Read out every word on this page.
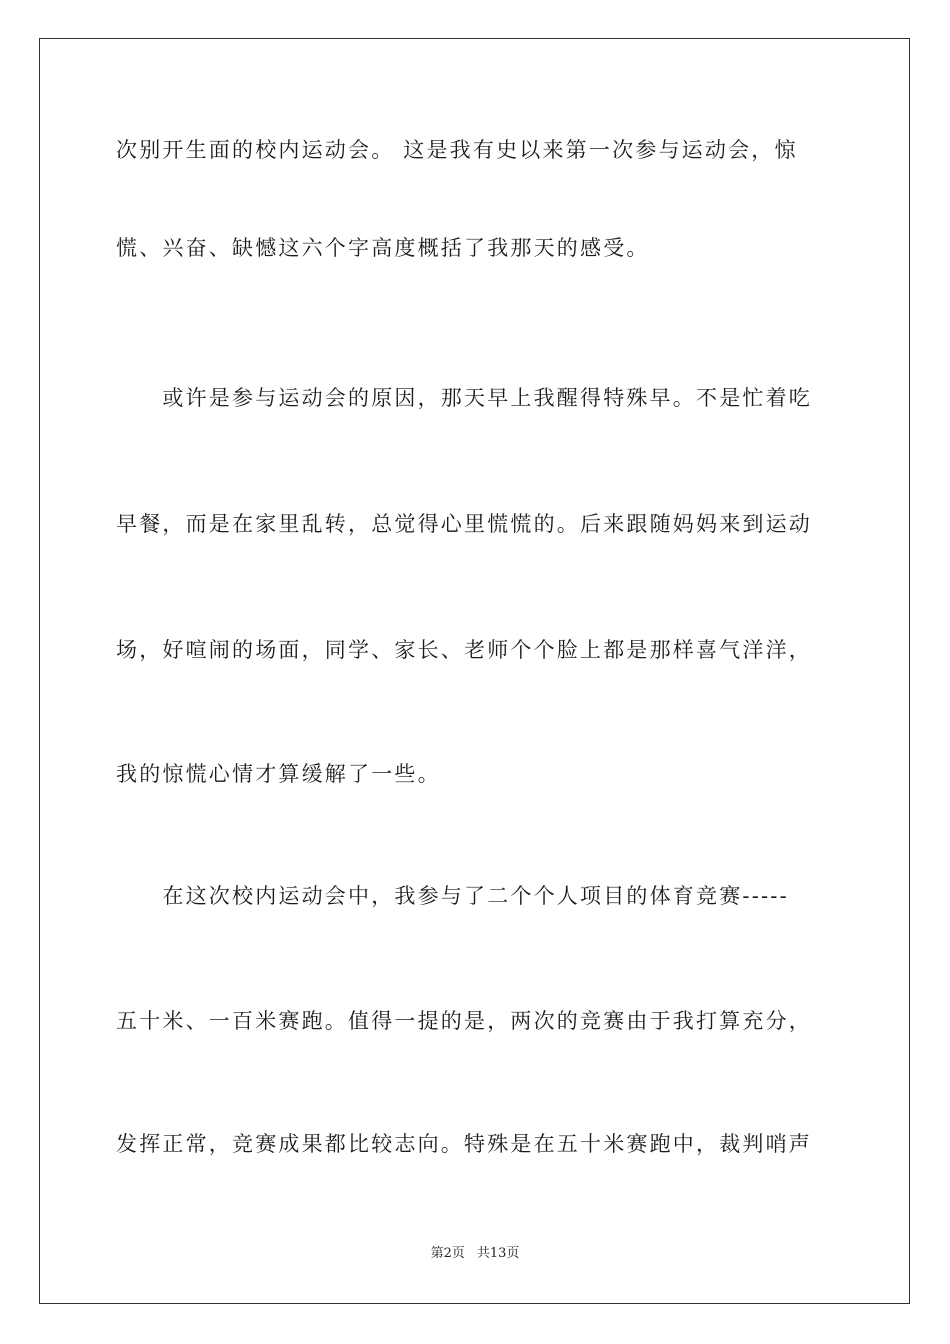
次别开生面的校内运动会。 这是我有史以来第一次参与运动会，惊
慌、兴奋、缺憾这六个字高度概括了我那天的感受。
　　或许是参与运动会的原因，那天早上我醒得特殊早。不是忙着吃
早餐，而是在家里乱转，总觉得心里慌慌的。后来跟随妈妈来到运动
场，好喧闹的场面，同学、家长、老师个个脸上都是那样喜气洋洋，
我的惊慌心情才算缓解了一些。
　　在这次校内运动会中，我参与了二个个人项目的体育竞赛-----
五十米、一百米赛跑。值得一提的是，两次的竞赛由于我打算充分，
发挥正常，竞赛成果都比较志向。特殊是在五十米赛跑中，裁判哨声
第2页 共13页
